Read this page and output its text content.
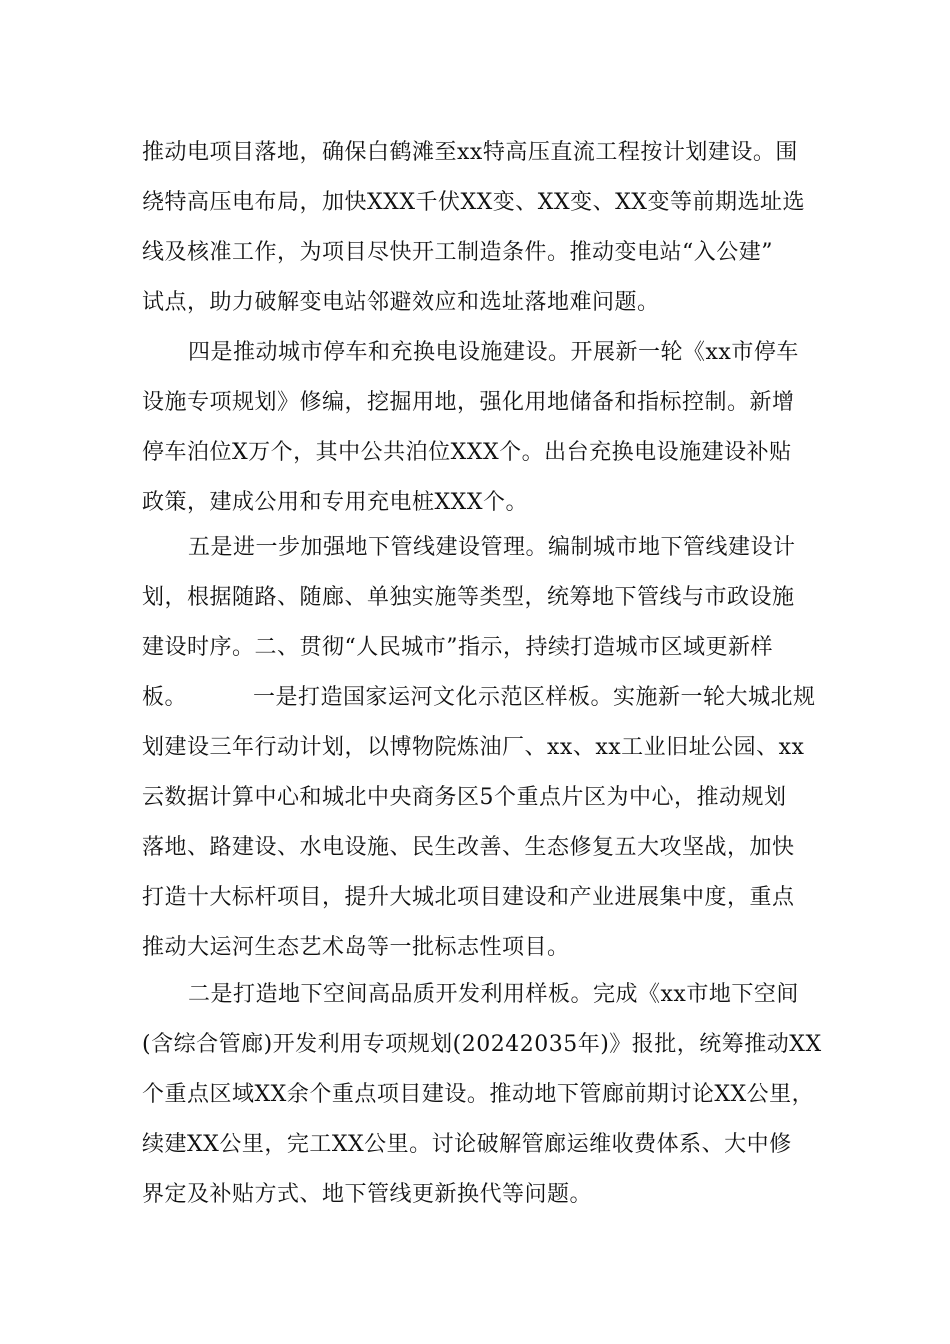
推动电项目落地，确保白鹤滩至xx特高压直流工程按计划建设。围
绕特高压电布局，加快XXX千伏XX变、XX变、XX变等前期选址选
线及核准工作，为项目尽快开工制造条件。推动变电站“入公建”
试点，助力破解变电站邻避效应和选址落地难问题。
四是推动城市停车和充换电设施建设。开展新一轮《xx市停车
设施专项规划》修编，挖掘用地，强化用地储备和指标控制。新增
停车泊位X万个，其中公共泊位XXX个。出台充换电设施建设补贴
政策，建成公用和专用充电桩XXX个。
五是进一步加强地下管线建设管理。编制城市地下管线建设计
划，根据随路、随廊、单独实施等类型，统筹地下管线与市政设施
建设时序。二、贯彻“人民城市”指示，持续打造城市区域更新样
板。	一是打造国家运河文化示范区样板。实施新一轮大城北规
划建设三年行动计划，以博物院炼油厂、xx、xx工业旧址公园、xx
云数据计算中心和城北中央商务区5个重点片区为中心，推动规划
落地、路建设、水电设施、民生改善、生态修复五大攻坚战，加快
打造十大标杆项目，提升大城北项目建设和产业进展集中度，重点
推动大运河生态艺术岛等一批标志性项目。
二是打造地下空间高品质开发利用样板。完成《xx市地下空间
(含综合管廊)开发利用专项规划(20242035年)》报批，统筹推动XX
个重点区域XX余个重点项目建设。推动地下管廊前期讨论XX公里，
续建XX公里，完工XX公里。讨论破解管廊运维收费体系、大中修
界定及补贴方式、地下管线更新换代等问题。
